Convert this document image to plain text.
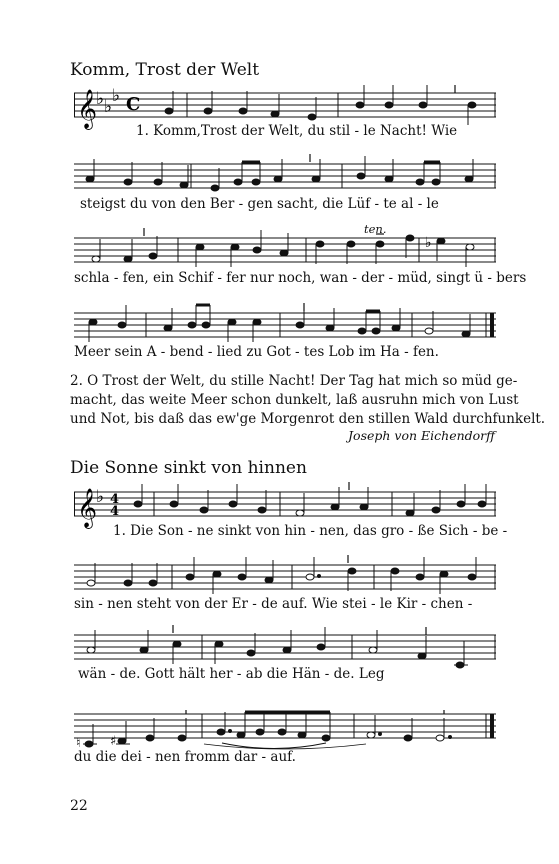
Komm, Trost der Welt
𝄞
♭ ♭
♭ C
1. Komm,Trost der Welt, du stil - le Nacht! Wie
steigst du von den Ber - gen sacht, die Lüf - te al - le
ten.
♭
schla - fen, ein Schif - fer nur noch, wan - der - müd, singt ü - bers
Meer sein A - bend - lied zu Got - tes Lob im Ha - fen.
2. O Trost der Welt, du stille Nacht! Der Tag hat mich so müd ge-
macht, das weite Meer schon dunkelt, laß ausruhn mich von Lust
und Not, bis daß das ew'ge Morgenrot den stillen Wald durchfunkelt.
Joseph von Eichendorff
Die Sonne sinkt von hinnen
𝄞
♭ 4
4
1. Die Son - ne sinkt von hin - nen, das gro - ße Sich - be -
sin - nen steht von der Er - de auf. Wie stei - le Kir - chen -
wän - de. Gott hält her - ab die Hän - de. Leg
♮ ♯
du die dei - nen fromm dar - auf.
22
